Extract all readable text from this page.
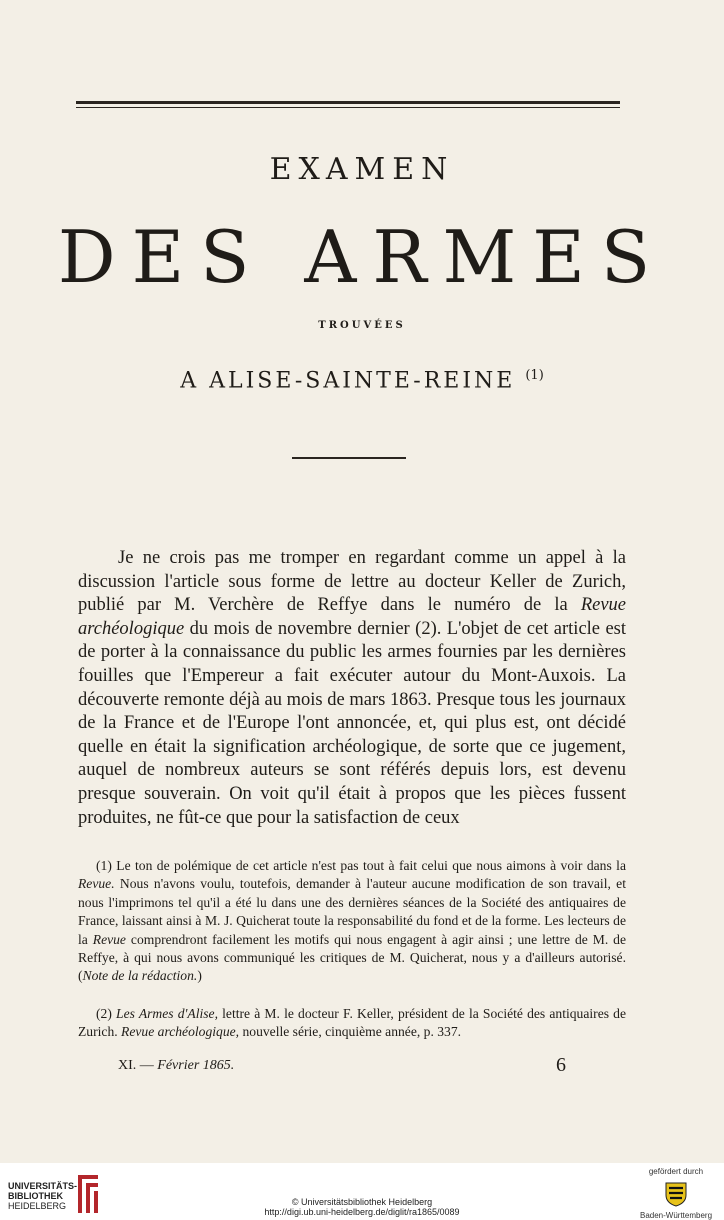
EXAMEN
DES ARMES
TROUVÉES
A ALISE-SAINTE-REINE $^{(1)}$

Je ne crois pas me tromper en regardant comme un appel à la discussion l'article sous forme de lettre au docteur Keller de Zurich, publié par M. Verchère de Reffye dans le numéro de la Revue archéologique du mois de novembre dernier (2). L'objet de cet article est de porter à la connaissance du public les armes fournies par les dernières fouilles que l'Empereur a fait exécuter autour du Mont-Auxois. La découverte remonte déjà au mois de mars 1863. Presque tous les journaux de la France et de l'Europe l'ont annoncée, et, qui plus est, ont décidé quelle en était la signification archéologique, de sorte que ce jugement, auquel de nombreux auteurs se sont référés depuis lors, est devenu presque souverain. On voit qu'il était à propos que les pièces fussent produites, ne fût-ce que pour la satisfaction de ceux

(1) Le ton de polémique de cet article n'est pas tout à fait celui que nous aimons à voir dans la Revue. Nous n'avons voulu, toutefois, demander à l'auteur aucune modification de son travail, et nous l'imprimons tel qu'il a été lu dans une des dernières séances de la Société des antiquaires de France, laissant ainsi à M. J. Quicherat toute la responsabilité du fond et de la forme. Les lecteurs de la Revue comprendront facilement les motifs qui nous engagent à agir ainsi ; une lettre de M. de Reffye, à qui nous avons communiqué les critiques de M. Quicherat, nous y a d'ailleurs autorisé. (Note de la rédaction.)

(2) Les Armes d'Alise, lettre à M. le docteur F. Keller, président de la Société des antiquaires de Zurich. Revue archéologique, nouvelle série, cinquième année, p. 337.

XI. — Février 1865.	6
UNIVERSITÄTS-
BIBLIOTHEK
HEIDELBERG	© Universitätsbibliothek Heidelberg
http://digi.ub.uni-heidelberg.de/diglit/ra1865/0089
gefördert durch
Baden-Württemberg
